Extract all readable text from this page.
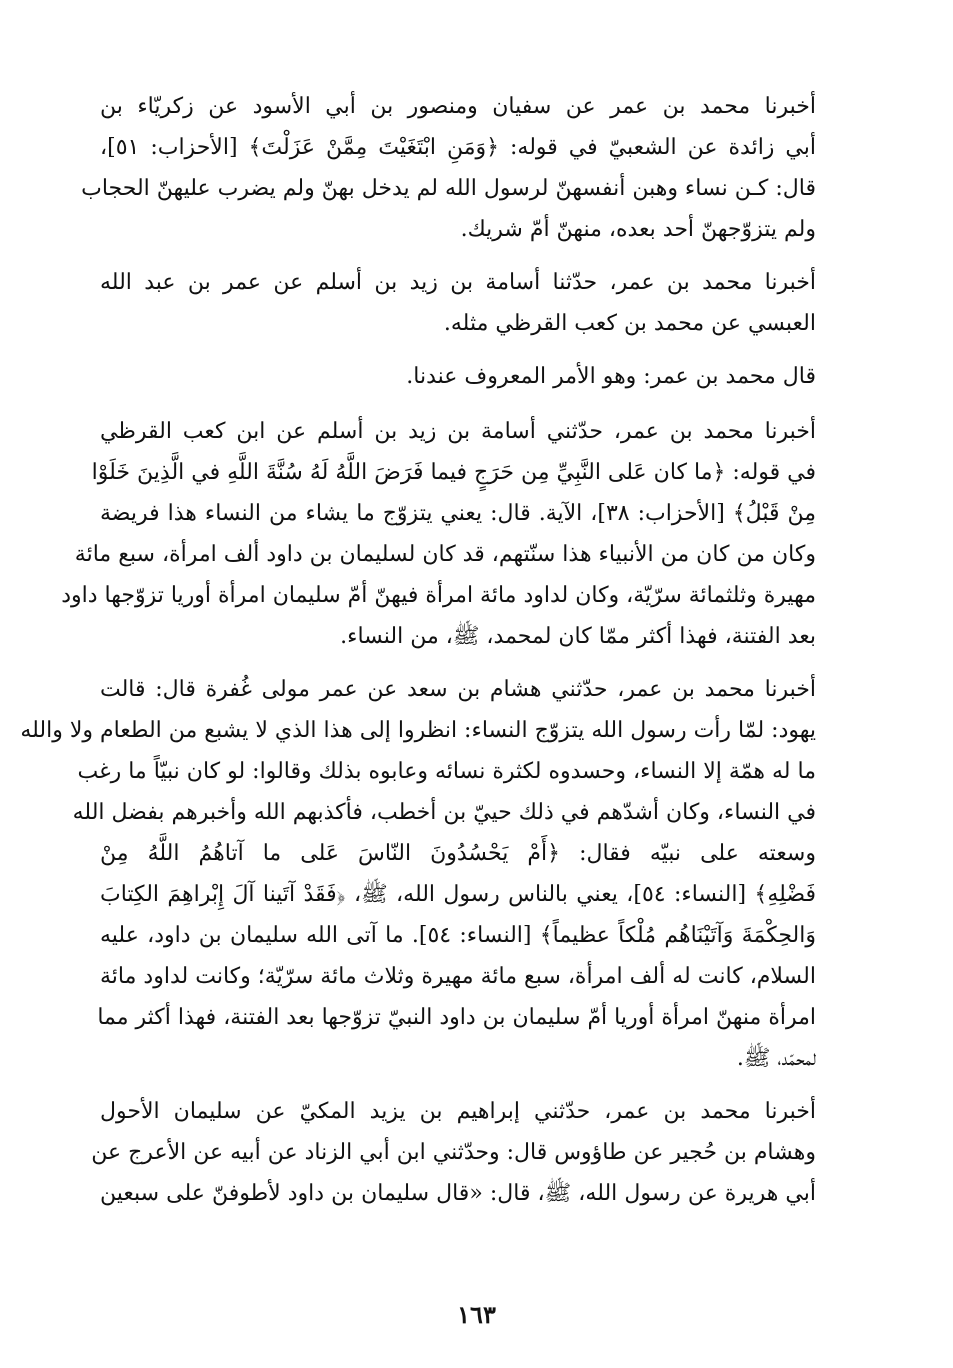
أخبرنا محمد بن عمر عن سفيان ومنصور بن أبي الأسود عن زكريّاء بن
أبي زائدة عن الشعبيّ في قوله: ﴿وَمَنِ ابْتَغَيْتَ مِمَّنْ عَزَلْتَ﴾ [الأحزاب: ٥١]،
قال: كـن نساء وهبن أنفسهنّ لرسول الله لم يدخل بهنّ ولم يضرب عليهنّ الحجاب
ولم يتزوّجهنّ أحد بعده، منهنّ أمّ شريك.
أخبرنا محمد بن عمر، حدّثنا أسامة بن زيد بن أسلم عن عمر بن عبد الله
العبسي عن محمد بن كعب القرظي مثله.
قال محمد بن عمر: وهو الأمر المعروف عندنا.
أخبرنا محمد بن عمر، حدّثني أسامة بن زيد بن أسلم عن ابن كعب القرظي
في قوله: ﴿ما كان عَلى النَّبِيِّ مِن حَرَجٍ فيما فَرَضَ اللَّهُ لَهُ سُنَّةَ اللَّهِ في الَّذِينَ خَلَوْا
مِنْ قَبْلُ﴾ [الأحزاب: ٣٨]، الآية. قال: يعني يتزوّج ما يشاء من النساء هذا فريضة
وكان من كان من الأنبياء هذا سنّتهم، قد كان لسليمان بن داود ألف امرأة، سبع مائة
مهيرة وثلثمائة سرّيّة، وكان لداود مائة امرأة فيهنّ أمّ سليمان امرأة أوريا تزوّجها داود
بعد الفتنة، فهذا أكثر ممّا كان لمحمد، ﷺ، من النساء.
أخبرنا محمد بن عمر، حدّثني هشام بن سعد عن عمر مولى غُفرة قال: قالت
يهود: لمّا رأت رسول الله يتزوّج النساء: انظروا إلى هذا الذي لا يشبع من الطعام ولا والله
ما له همّة إلا النساء، وحسدوه لكثرة نسائه وعابوه بذلك وقالوا: لو كان نبيّاً ما رغب
في النساء، وكان أشدّهم في ذلك حييّ بن أخطب، فأكذبهم الله وأخبرهم بفضل الله
وسعته على نبيّه فقال: ﴿أَمْ يَحْسُدُونَ النّاسَ عَلى ما آتاهُمُ اللَّهُ مِنْ
فَضْلِهِ﴾ [النساء: ٥٤]، يعني بالناس رسول الله، ﷺ، ﴿فَقَدْ آتَينا آلَ إِبْراهِمَ الكِتابَ
وَالحِكْمَةَ وَآتَيْنَاهُم مُلْكاً عظيماً﴾ [النساء: ٥٤]. ما آتى الله سليمان بن داود، عليه
السلام، كانت له ألف امرأة، سبع مائة مهيرة وثلاث مائة سرّيّة؛ وكانت لداود مائة
امرأة منهنّ امرأة أوريا أمّ سليمان بن داود النبيّ تزوّجها بعد الفتنة، فهذا أكثر مما
لمحمّد، ﷺ.
أخبرنا محمد بن عمر، حدّثني إبراهيم بن يزيد المكيّ عن سليمان الأحول
وهشام بن حُجير عن طاؤوس قال: وحدّثني ابن أبي الزناد عن أبيه عن الأعرج عن
أبي هريرة عن رسول الله، ﷺ، قال: «قال سليمان بن داود لأطوفنّ على سبعين
١٦٣
